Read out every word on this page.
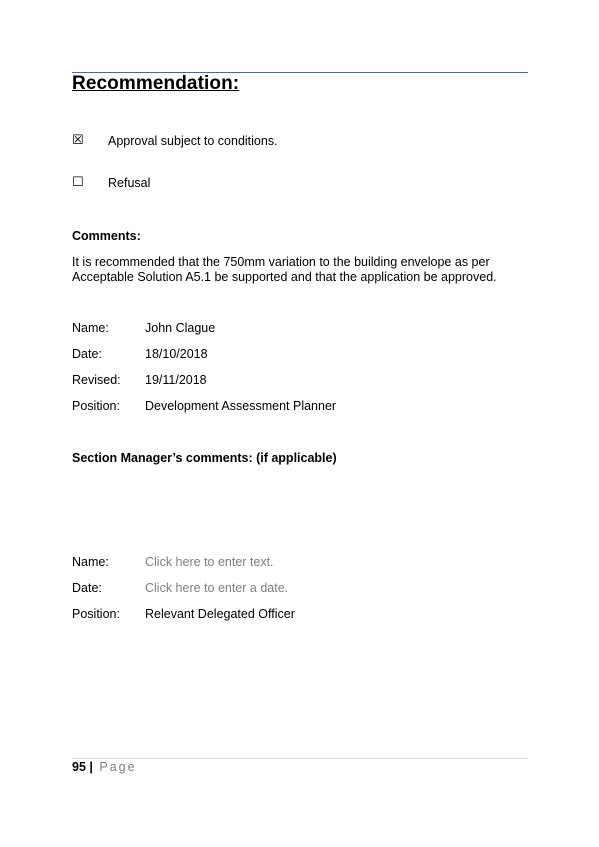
Recommendation:
☒ Approval subject to conditions.
☐ Refusal
Comments:
It is recommended that the 750mm variation to the building envelope as per
Acceptable Solution A5.1 be supported and that the application be approved.
Name:	John Clague
Date:	18/10/2018
Revised: 19/11/2018
Position: Development Assessment Planner
Section Manager’s comments: (if applicable)
Name:	Click here to enter text.
Date:	Click here to enter a date.
Position: Relevant Delegated Officer
95 | Page
